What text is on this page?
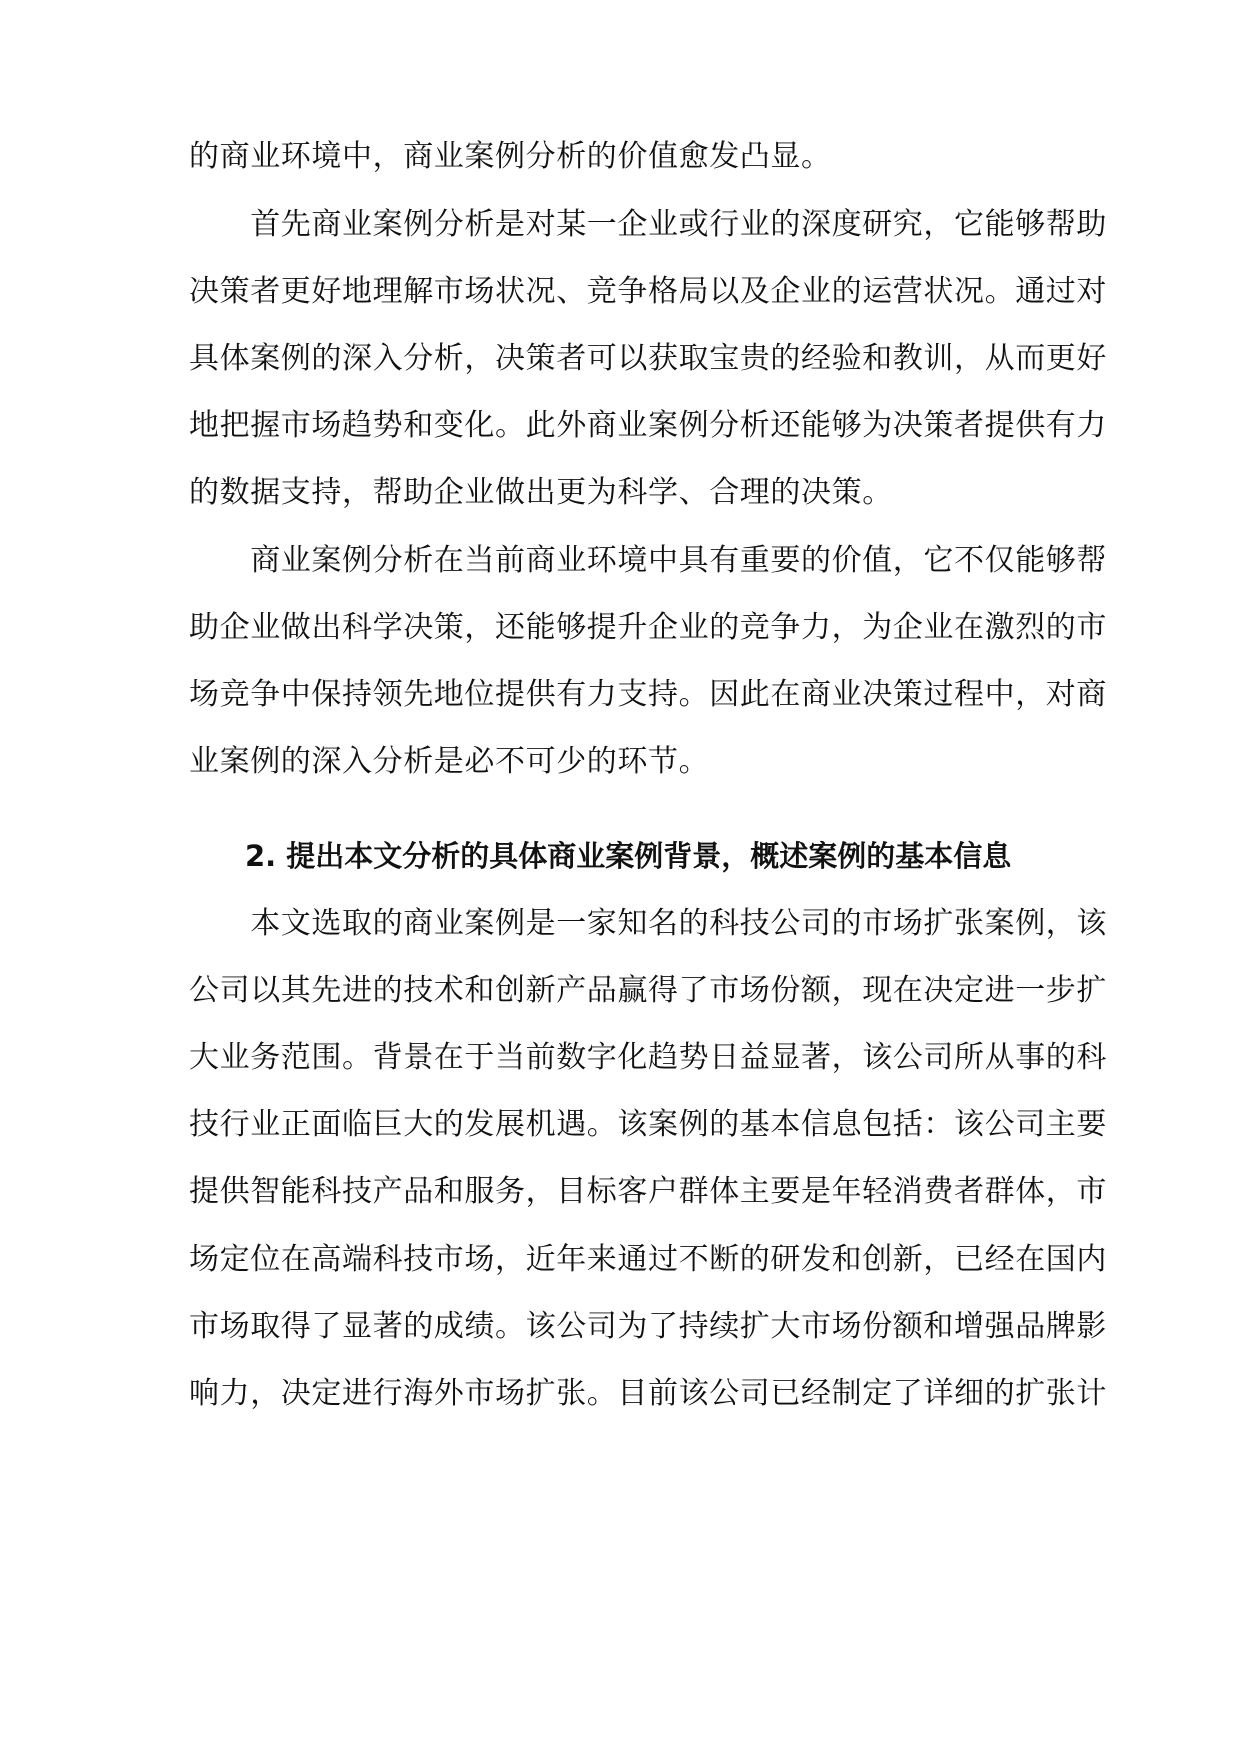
的商业环境中，商业案例分析的价值愈发凸显。
　　首先商业案例分析是对某一企业或行业的深度研究，它能够帮助
决策者更好地理解市场状况、竞争格局以及企业的运营状况。通过对
具体案例的深入分析，决策者可以获取宝贵的经验和教训，从而更好
地把握市场趋势和变化。此外商业案例分析还能够为决策者提供有力
的数据支持，帮助企业做出更为科学、合理的决策。
　　商业案例分析在当前商业环境中具有重要的价值，它不仅能够帮
助企业做出科学决策，还能够提升企业的竞争力，为企业在激烈的市
场竞争中保持领先地位提供有力支持。因此在商业决策过程中，对商
业案例的深入分析是必不可少的环节。
2. 提出本文分析的具体商业案例背景，概述案例的基本信息
　　本文选取的商业案例是一家知名的科技公司的市场扩张案例，该
公司以其先进的技术和创新产品赢得了市场份额，现在决定进一步扩
大业务范围。背景在于当前数字化趋势日益显著，该公司所从事的科
技行业正面临巨大的发展机遇。该案例的基本信息包括：该公司主要
提供智能科技产品和服务，目标客户群体主要是年轻消费者群体，市
场定位在高端科技市场，近年来通过不断的研发和创新，已经在国内
市场取得了显著的成绩。该公司为了持续扩大市场份额和增强品牌影
响力，决定进行海外市场扩张。目前该公司已经制定了详细的扩张计
